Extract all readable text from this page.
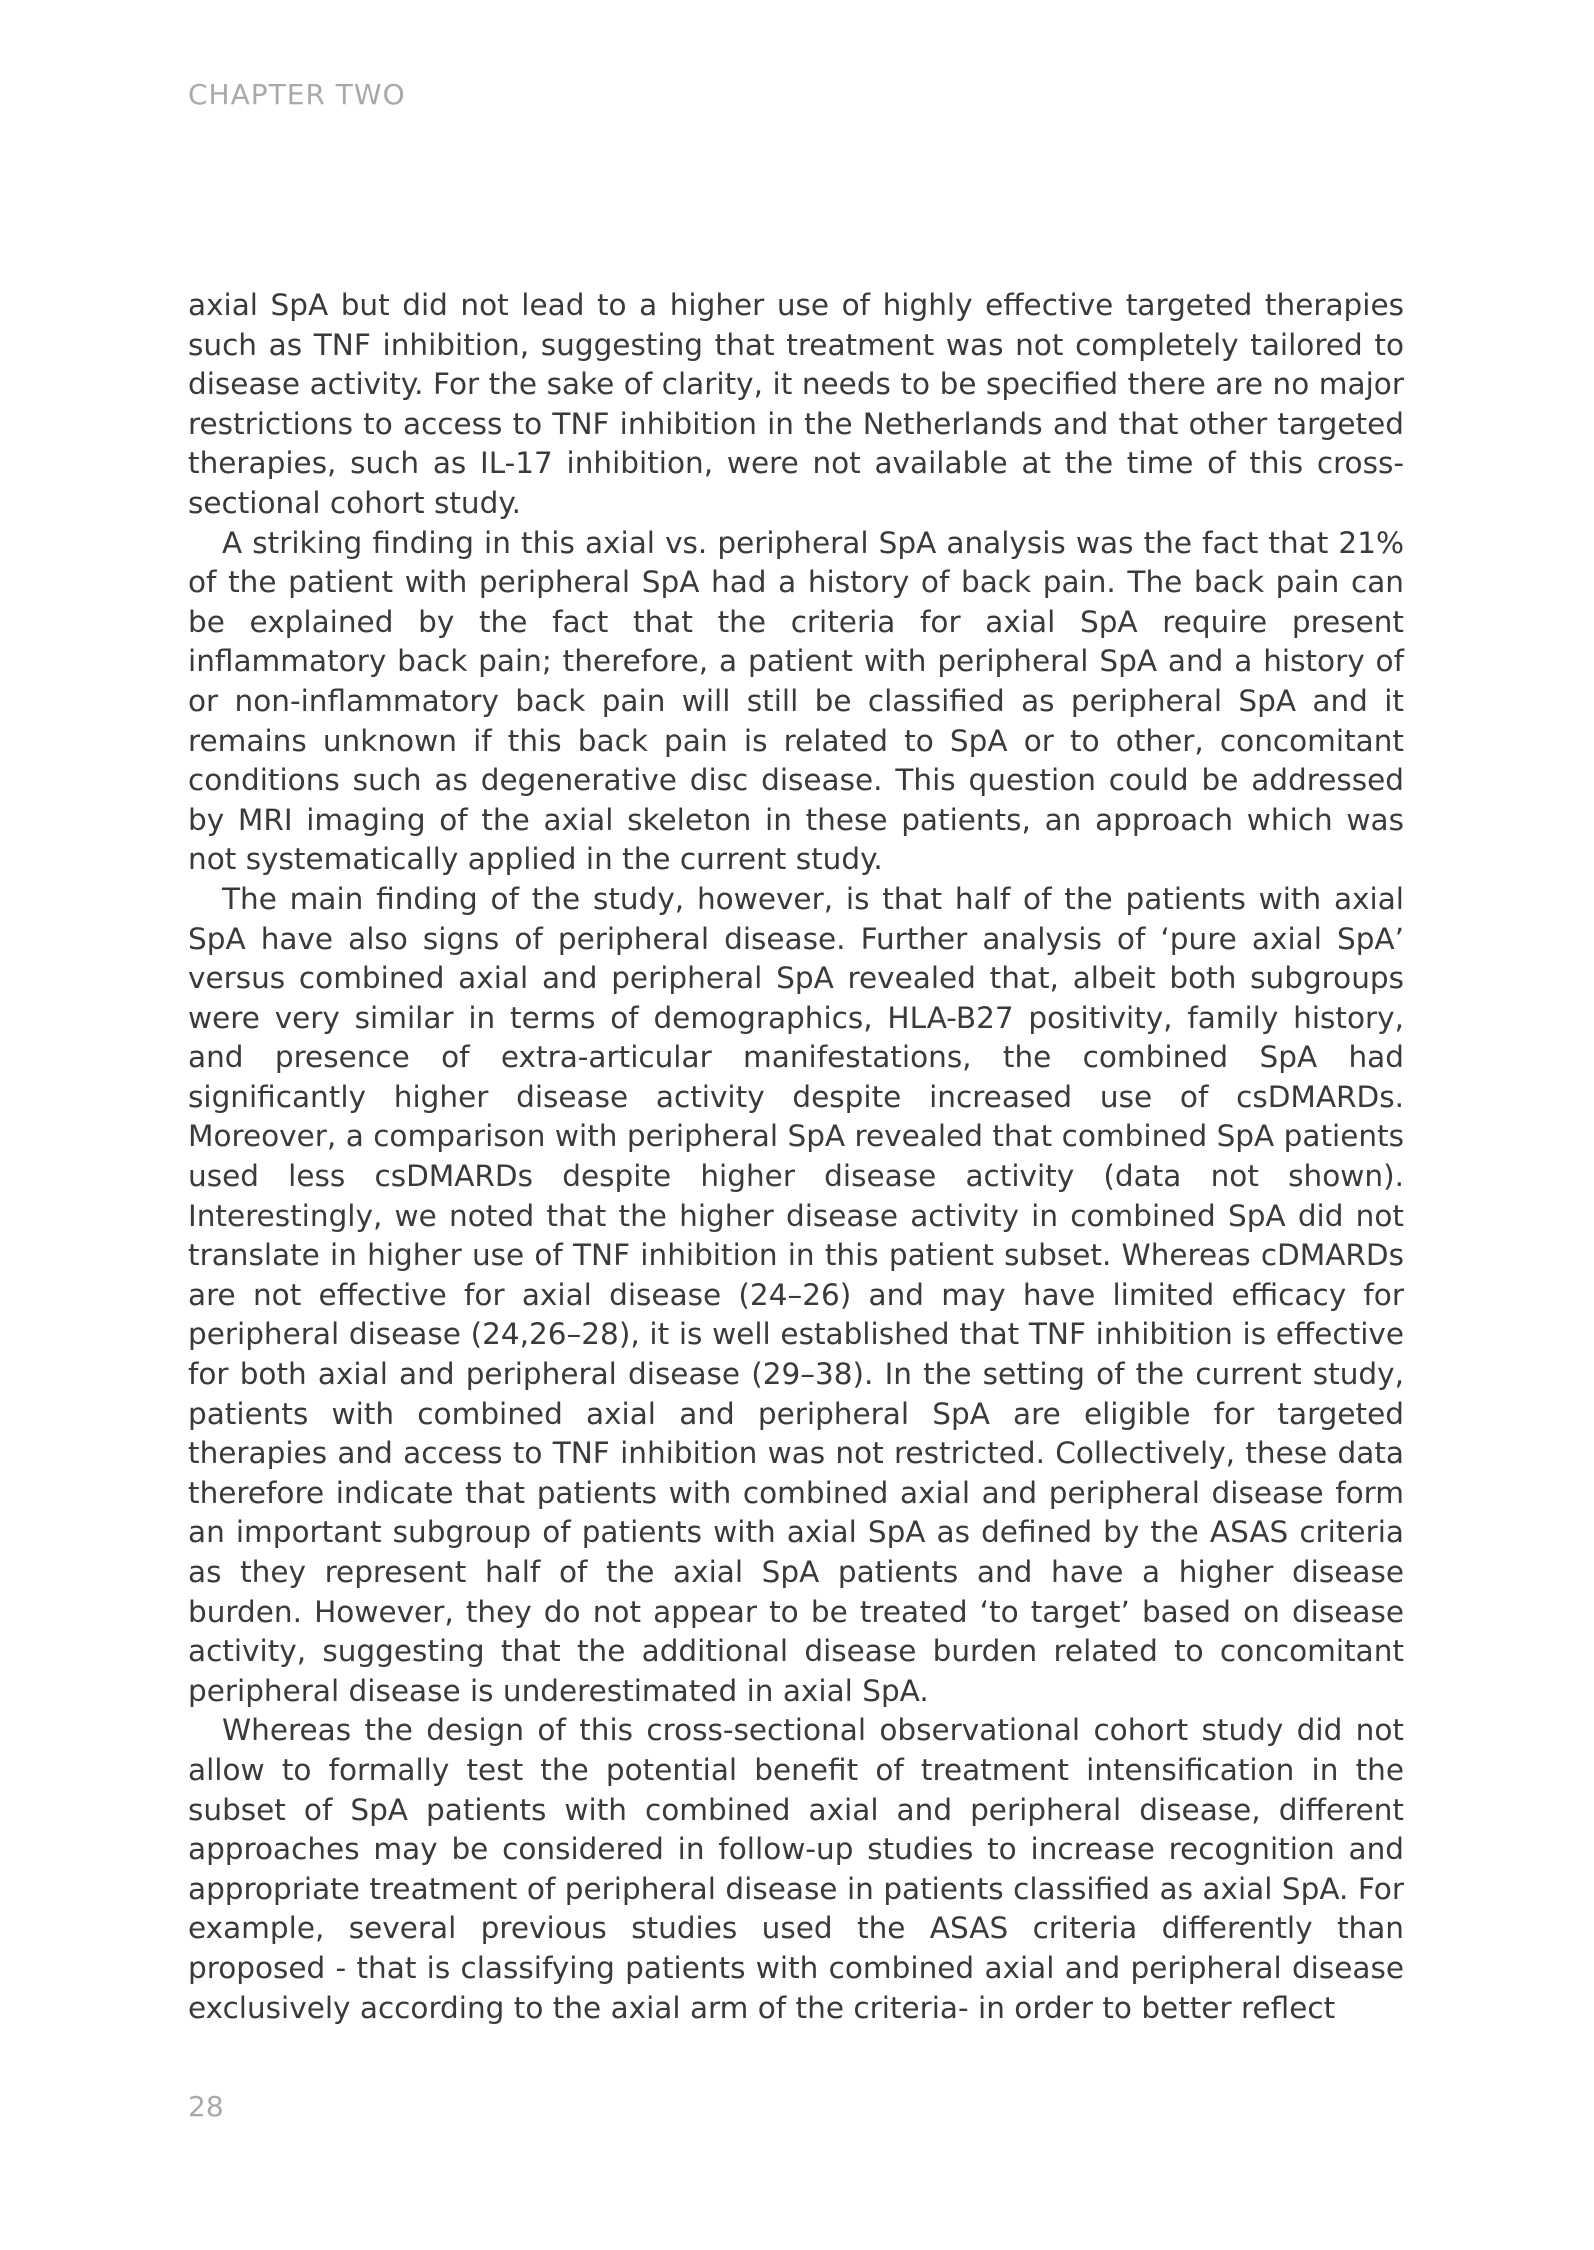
CHAPTER TWO

axial SpA but did not lead to a higher use of highly effective targeted therapies such as TNF inhibition, suggesting that treatment was not completely tailored to disease activity. For the sake of clarity, it needs to be specified there are no major restrictions to access to TNF inhibition in the Netherlands and that other targeted therapies, such as IL-17 inhibition, were not available at the time of this cross-sectional cohort study.

A striking finding in this axial vs. peripheral SpA analysis was the fact that 21% of the patient with peripheral SpA had a history of back pain. The back pain can be explained by the fact that the criteria for axial SpA require present inflammatory back pain; therefore, a patient with peripheral SpA and a history of or non-inflammatory back pain will still be classified as peripheral SpA and it remains unknown if this back pain is related to SpA or to other, concomitant conditions such as degenerative disc disease. This question could be addressed by MRI imaging of the axial skeleton in these patients, an approach which was not systematically applied in the current study.

The main finding of the study, however, is that half of the patients with axial SpA have also signs of peripheral disease. Further analysis of ‘pure axial SpA’ versus combined axial and peripheral SpA revealed that, albeit both subgroups were very similar in terms of demographics, HLA-B27 positivity, family history, and presence of extra-articular manifestations, the combined SpA had significantly higher disease activity despite increased use of csDMARDs. Moreover, a comparison with peripheral SpA revealed that combined SpA patients used less csDMARDs despite higher disease activity (data not shown). Interestingly, we noted that the higher disease activity in combined SpA did not translate in higher use of TNF inhibition in this patient subset. Whereas cDMARDs are not effective for axial disease (24–26) and may have limited efficacy for peripheral disease (24,26–28), it is well established that TNF inhibition is effective for both axial and peripheral disease (29–38). In the setting of the current study, patients with combined axial and peripheral SpA are eligible for targeted therapies and access to TNF inhibition was not restricted. Collectively, these data therefore indicate that patients with combined axial and peripheral disease form an important subgroup of patients with axial SpA as defined by the ASAS criteria as they represent half of the axial SpA patients and have a higher disease burden. However, they do not appear to be treated ‘to target’ based on disease activity, suggesting that the additional disease burden related to concomitant peripheral disease is underestimated in axial SpA.

Whereas the design of this cross-sectional observational cohort study did not allow to formally test the potential benefit of treatment intensification in the subset of SpA patients with combined axial and peripheral disease, different approaches may be considered in follow-up studies to increase recognition and appropriate treatment of peripheral disease in patients classified as axial SpA. For example, several previous studies used the ASAS criteria differently than proposed - that is classifying patients with combined axial and peripheral disease exclusively according to the axial arm of the criteria- in order to better reflect

28
